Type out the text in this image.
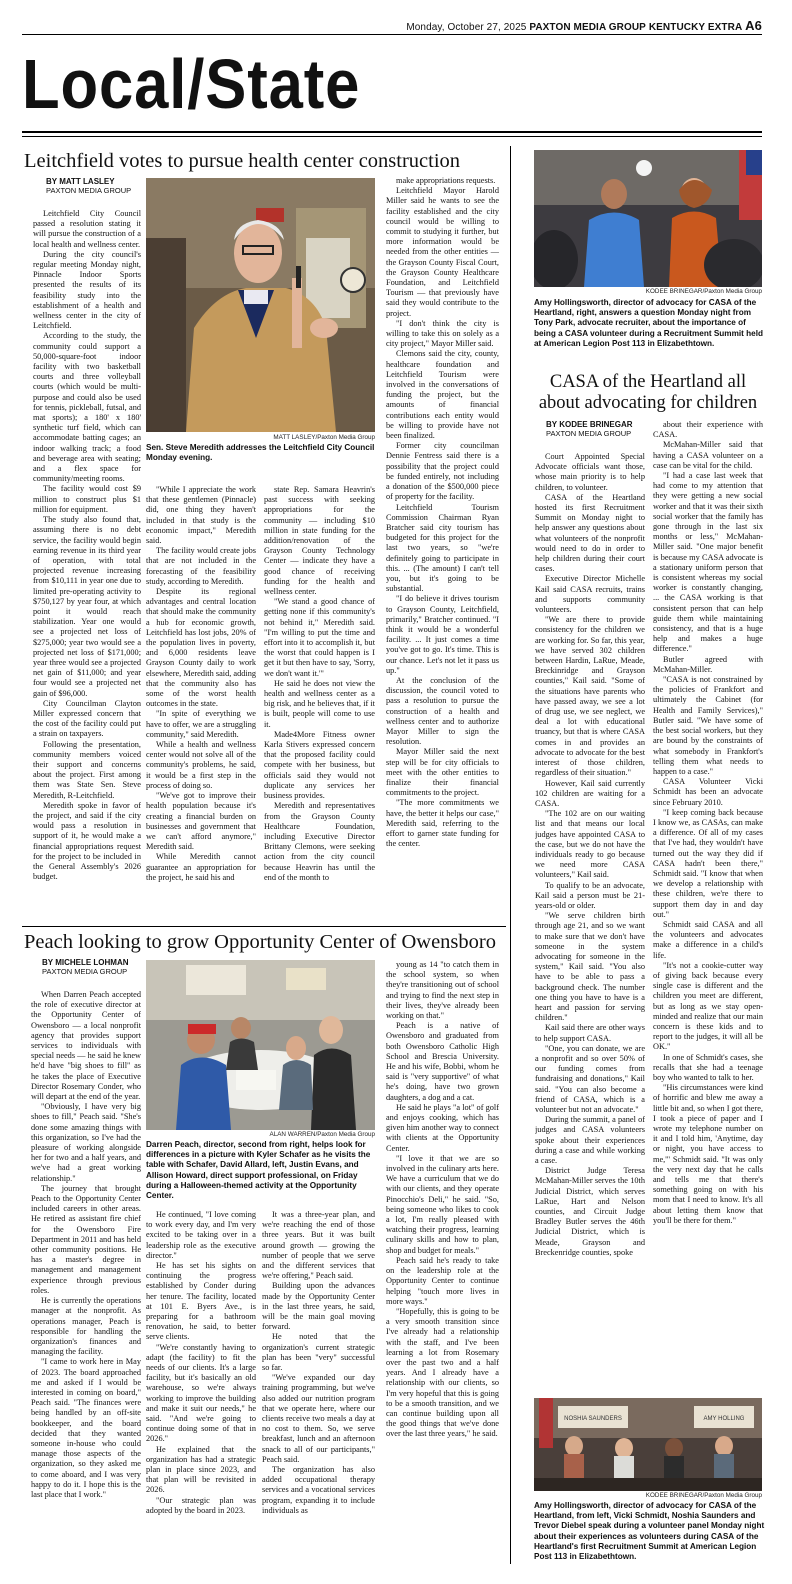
Monday, October 27, 2025 PAXTON MEDIA GROUP KENTUCKY EXTRA A6
Local/State
Leitchfield votes to pursue health center construction
BY MATT LASLEY
PAXTON MEDIA GROUP

Leitchfield City Council passed a resolution stating it will pursue the construction of a local health and wellness center.

During the city council's regular meeting Monday night, Pinnacle Indoor Sports presented the results of its feasibility study into the establishment of a health and wellness center in the city of Leitchfield.

According to the study, the community could support a 50,000-square-foot indoor facility with two basketball courts and three volleyball courts (which would be multi-purpose and could also be used for tennis, pickleball, futsal, and mat sports); a 180' x 180' synthetic turf field, which can accommodate batting cages; an indoor walking track; a food and beverage area with seating; and a flex space for community/meeting rooms.

The facility would cost $9 million to construct plus $1 million for equipment.

The study also found that, assuming there is no debt service, the facility would begin earning revenue in its third year of operation, with total projected revenue increasing from $10,111 in year one due to limited pre-operating activity to $750,127 by year four, at which point it would reach stabilization. Year one would see a projected net loss of $275,000; year two would see a projected net loss of $171,000; year three would see a projected net gain of $11,000; and year four would see a projected net gain of $96,000.

City Councilman Clayton Miller expressed concern that the cost of the facility could put a strain on taxpayers.

Following the presentation, community members voiced their support and concerns about the project. First among them was State Sen. Steve Meredith, R-Leitchfield.

Meredith spoke in favor of the project, and said if the city would pass a resolution in support of it, he would make a financial appropriations request for the project to be included in the General Assembly's 2026 budget.

MATT LASLEY/Paxton Media Group
Sen. Steve Meredith addresses the Leitchfield City Council Monday evening.

"While I appreciate the work that these gentlemen (Pinnacle) did, one thing they haven't included in that study is the economic impact," Meredith said.

The facility would create jobs that are not included in the forecasting of the feasibility study, according to Meredith.

Despite its regional advantages and central location that should make the community a hub for economic growth, Leitchfield has lost jobs, 20% of the population lives in poverty, and 6,000 residents leave Grayson County daily to work elsewhere, Meredith said, adding that the community also has some of the worst health outcomes in the state.

"In spite of everything we have to offer, we are a struggling community," said Meredith.

While a health and wellness center would not solve all of the community's problems, he said, it would be a first step in the process of doing so.

"We've got to improve their health population because it's creating a financial burden on businesses and government that we can't afford anymore," Meredith said.

While Meredith cannot guarantee an appropriation for the project, he said his and

state Rep. Samara Heavrin's past success with seeking appropriations for the community — including $10 million in state funding for the addition/renovation of the Grayson County Technology Center — indicate they have a good chance of receiving funding for the health and wellness center.

"We stand a good chance of getting none if this community's not behind it," Meredith said. "I'm willing to put the time and effort into it to accomplish it, but the worst that could happen is I get it but then have to say, 'Sorry, we don't want it.'"

He said he does not view the health and wellness center as a big risk, and he believes that, if it is built, people will come to use it.

Made4More Fitness owner Karla Stivers expressed concern that the proposed facility could compete with her business, but officials said they would not duplicate any services her business provides.

Meredith and representatives from the Grayson County Healthcare Foundation, including Executive Director Brittany Clemons, were seeking action from the city council because Heavrin has until the end of the month to

make appropriations requests.

Leitchfield Mayor Harold Miller said he wants to see the facility established and the city council would be willing to commit to studying it further, but more information would be needed from the other entities — the Grayson County Fiscal Court, the Grayson County Healthcare Foundation, and Leitchfield Tourism — that previously have said they would contribute to the project.

"I don't think the city is willing to take this on solely as a city project," Mayor Miller said.

Clemons said the city, county, healthcare foundation and Leitchfield Tourism were involved in the conversations of funding the project, but the amounts of financial contributions each entity would be willing to provide have not been finalized.

Former city councilman Dennie Fentress said there is a possibility that the project could be funded entirely, not including a donation of the $500,000 piece of property for the facility.

Leitchfield Tourism Commission Chairman Ryan Bratcher said city tourism has budgeted for this project for the last two years, so "we're definitely going to participate in this. ... (The amount) I can't tell you, but it's going to be substantial.

"I do believe it drives tourism to Grayson County, Leitchfield, primarily," Bratcher continued. "I think it would be a wonderful facility. ... It just comes a time you've got to go. It's time. This is our chance. Let's not let it pass us up."

At the conclusion of the discussion, the council voted to pass a resolution to pursue the construction of a health and wellness center and to authorize Mayor Miller to sign the resolution.

Mayor Miller said the next step will be for city officials to meet with the other entities to finalize their financial commitments to the project.

"The more commitments we have, the better it helps our case," Meredith said, referring to the effort to garner state funding for the center.

Peach looking to grow Opportunity Center of Owensboro
BY MICHELE LOHMAN
PAXTON MEDIA GROUP

When Darren Peach accepted the role of executive director at the Opportunity Center of Owensboro — a local nonprofit agency that provides support services to individuals with special needs — he said he knew he'd have "big shoes to fill" as he takes the place of Executive Director Rosemary Conder, who will depart at the end of the year.

"Obviously, I have very big shoes to fill," Peach said. "She's done some amazing things with this organization, so I've had the pleasure of working alongside her for two and a half years, and we've had a great working relationship."

The journey that brought Peach to the Opportunity Center included careers in other areas. He retired as assistant fire chief for the Owensboro Fire Department in 2011 and has held other community positions. He has a master's degree in management and management experience through previous roles.

He is currently the operations manager at the nonprofit. As operations manager, Peach is responsible for handling the organization's finances and managing the facility.

"I came to work here in May of 2023. The board approached me and asked if I would be interested in coming on board," Peach said. "The finances were being handled by an off-site bookkeeper, and the board decided that they wanted someone in-house who could manage those aspects of the organization, so they asked me to come aboard, and I was very happy to do it. I hope this is the last place that I work."

ALAN WARREN/Paxton Media Group
Darren Peach, director, second from right, helps look for differences in a picture with Kyler Schafer as he visits the table with Schafer, David Allard, left, Justin Evans, and Allison Howard, direct support professional, on Friday during a Halloween-themed activity at the Opportunity Center.

He continued, "I love coming to work every day, and I'm very excited to be taking over in a leadership role as the executive director."

He has set his sights on continuing the progress established by Conder during her tenure. The facility, located at 101 E. Byers Ave., is preparing for a bathroom renovation, he said, to better serve clients.

"We're constantly having to adapt (the facility) to fit the needs of our clients. It's a large facility, but it's basically an old warehouse, so we're always working to improve the building and make it suit our needs," he said. "And we're going to continue doing some of that in 2026."

He explained that the organization has had a strategic plan in place since 2023, and that plan will be revisited in 2026.

"Our strategic plan was adopted by the board in 2023.

It was a three-year plan, and we're reaching the end of those three years. But it was built around growth — growing the number of people that we serve and the different services that we're offering," Peach said.

Building upon the advances made by the Opportunity Center in the last three years, he said, will be the main goal moving forward.

He noted that the organization's current strategic plan has been "very" successful so far.

"We've expanded our day training programming, but we've also added our nutrition program that we operate here, where our clients receive two meals a day at no cost to them. So, we serve breakfast, lunch and an afternoon snack to all of our participants," Peach said.

The organization has also added occupational therapy services and a vocational services program, expanding it to include individuals as

young as 14 "to catch them in the school system, so when they're transitioning out of school and trying to find the next step in their lives, they've already been working on that."

Peach is a native of Owensboro and graduated from both Owensboro Catholic High School and Brescia University. He and his wife, Bobbi, whom he said is "very supportive" of what he's doing, have two grown daughters, a dog and a cat.

He said he plays "a lot" of golf and enjoys cooking, which has given him another way to connect with clients at the Opportunity Center.

"I love it that we are so involved in the culinary arts here. We have a curriculum that we do with our clients, and they operate Pinocchio's Deli," he said. "So, being someone who likes to cook a lot, I'm really pleased with watching their progress, learning culinary skills and how to plan, shop and budget for meals."

Peach said he's ready to take on the leadership role at the Opportunity Center to continue helping "touch more lives in more ways."

"Hopefully, this is going to be a very smooth transition since I've already had a relationship with the staff, and I've been learning a lot from Rosemary over the past two and a half years. And I already have a relationship with our clients, so I'm very hopeful that this is going to be a smooth transition, and we can continue building upon all the good things that we've done over the last three years," he said.

KODEE BRINEGAR/Paxton Media Group
Amy Hollingsworth, director of advocacy for CASA of the Heartland, right, answers a question Monday night from Tony Park, advocate recruiter, about the importance of being a CASA volunteer during a Recruitment Summit held at American Legion Post 113 in Elizabethtown.
CASA of the Heartland all
about advocating for children
BY KODEE BRINEGAR
PAXTON MEDIA GROUP

Court Appointed Special Advocate officials want those, whose main priority is to help children, to volunteer.

CASA of the Heartland hosted its first Recruitment Summit on Monday night to help answer any questions about what volunteers of the nonprofit would need to do in order to help children during their court cases.

Executive Director Michelle Kail said CASA recruits, trains and supports community volunteers.

"We are there to provide consistency for the children we are working for. So far, this year, we have served 302 children between Hardin, LaRue, Meade, Breckinridge and Grayson counties," Kail said. "Some of the situations have parents who have passed away, we see a lot of drug use, we see neglect, we deal a lot with educational truancy, but that is where CASA comes in and provides an advocate to advocate for the best interest of those children, regardless of their situation."

However, Kail said currently 102 children are waiting for a CASA.

"The 102 are on our waiting list and that means our local judges have appointed CASA to the case, but we do not have the individuals ready to go because we need more CASA volunteers," Kail said.

To qualify to be an advocate, Kail said a person must be 21-years-old or older.

"We serve children birth through age 21, and so we want to make sure that we don't have someone in the system advocating for someone in the system," Kail said. "You also have to be able to pass a background check. The number one thing you have to have is a heart and passion for serving children."

Kail said there are other ways to help support CASA.

"One, you can donate, we are a nonprofit and so over 50% of our funding comes from fundraising and donations," Kail said. "You can also become a friend of CASA, which is a volunteer but not an advocate."

During the summit, a panel of judges and CASA volunteers spoke about their experiences during a case and while working a case.

District Judge Teresa McMahan-Miller serves the 10th Judicial District, which serves LaRue, Hart and Nelson counties, and Circuit Judge Bradley Butler serves the 46th Judicial District, which is Meade, Grayson and Breckenridge counties, spoke

about their experience with CASA.

McMahan-Miller said that having a CASA volunteer on a case can be vital for the child.

"I had a case last week that had come to my attention that they were getting a new social worker and that it was their sixth social worker that the family has gone through in the last six months or less," McMahan-Miller said. "One major benefit is because my CASA advocate is a stationary uniform person that is consistent whereas my social worker is constantly changing, ... the CASA working is that consistent person that can help guide them while maintaining consistency, and that is a huge help and makes a huge difference."

Butler agreed with McMahan-Miller.

"CASA is not constrained by the policies of Frankfort and ultimately the Cabinet (for Health and Family Services)," Butler said. "We have some of the best social workers, but they are bound by the constraints of what somebody in Frankfort's telling them what needs to happen to a case."

CASA Volunteer Vicki Schmidt has been an advocate since February 2010.

"I keep coming back because I know we, as CASAs, can make a difference. Of all of my cases that I've had, they wouldn't have turned out the way they did if CASA hadn't been there," Schmidt said. "I know that when we develop a relationship with these children, we're there to support them day in and day out."

Schmidt said CASA and all the volunteers and advocates make a difference in a child's life.

"It's not a cookie-cutter way of giving back because every single case is different and the children you meet are different, but as long as we stay open-minded and realize that our main concern is these kids and to report to the judges, it will all be OK."

In one of Schmidt's cases, she recalls that she had a teenage boy who wanted to talk to her.

"His circumstances were kind of horrific and blew me away a little bit and, so when I got there, I took a piece of paper and I wrote my telephone number on it and I told him, 'Anytime, day or night, you have access to me,'" Schmidt said. "It was only the very next day that he calls and tells me that there's something going on with his mom that I need to know. It's all about letting them know that you'll be there for them."

NOSHIA SAUNDERS	AMY HOLLING
KODEE BRINEGAR/Paxton Media Group
Amy Hollingsworth, director of advocacy for CASA of the Heartland, from left, Vicki Schmidt, Noshia Saunders and Trevor Diebel speak during a volunteer panel Monday night about their experiences as volunteers during CASA of the Heartland's first Recruitment Summit at American Legion Post 113 in Elizabethtown.
